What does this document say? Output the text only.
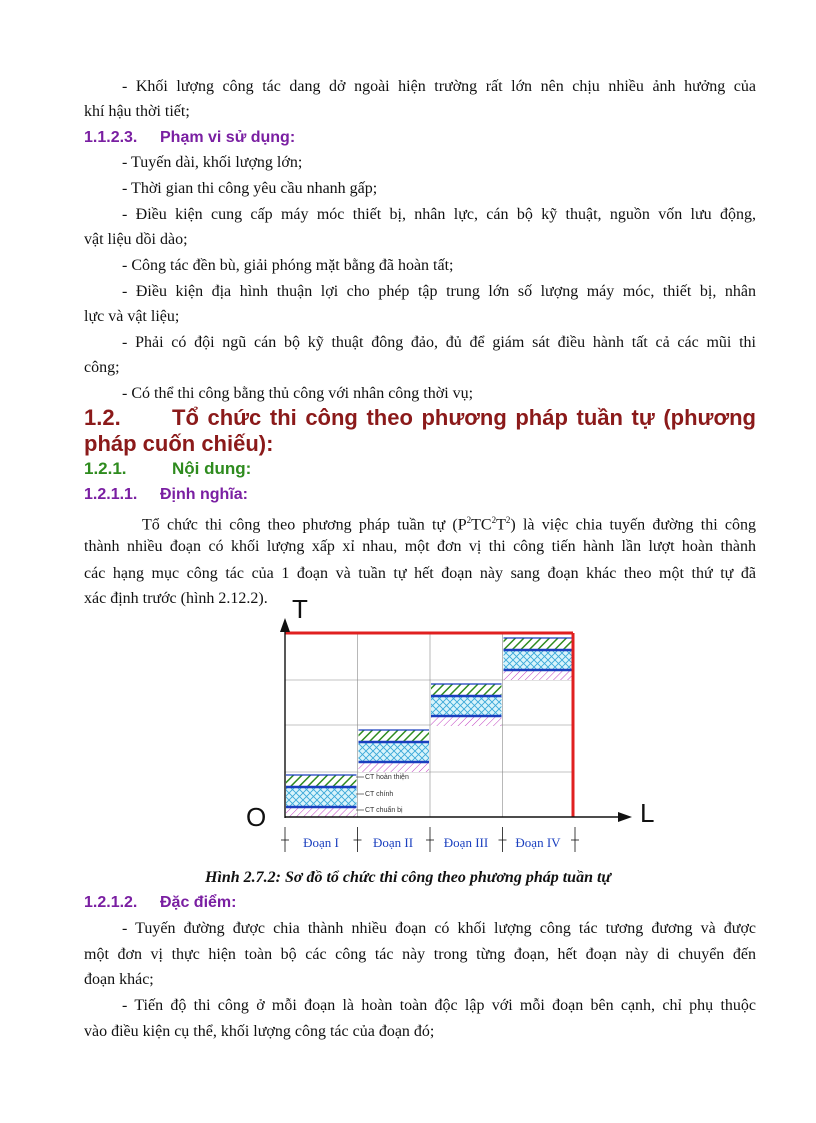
- Khối lượng công tác dang dở ngoài hiện trường rất lớn nên chịu nhiều ảnh hưởng của
khí hậu thời tiết;
1.1.2.3. Phạm vi sử dụng:
- Tuyến dài, khối lượng lớn;
- Thời gian thi công yêu cầu nhanh gấp;
- Điều kiện cung cấp máy móc thiết bị, nhân lực, cán bộ kỹ thuật, nguồn vốn lưu động,
vật liệu dồi dào;
- Công tác đền bù, giải phóng mặt bằng đã hoàn tất;
- Điều kiện địa hình thuận lợi cho phép tập trung lớn số lượng máy móc, thiết bị, nhân
lực và vật liệu;
- Phải có đội ngũ cán bộ kỹ thuật đông đảo, đủ để giám sát điều hành tất cả các mũi thi
công;
- Có thể thi công bằng thủ công với nhân công thời vụ;
1.2. Tổ chức thi công theo phương pháp tuần tự (phương
pháp cuốn chiếu):
1.2.1.	Nội dung:
1.2.1.1. Định nghĩa:
Tổ chức thi công theo phương pháp tuần tự $(P^2TC^2T^2)$ là việc chia tuyến đường thi công
thành nhiều đoạn có khối lượng xấp xỉ nhau, một đơn vị thi công tiến hành lần lượt hoàn thành
các hạng mục công tác của 1 đoạn và tuần tự hết đoạn này sang đoạn khác theo một thứ tự đã
xác định trước (hình 2.12.2). T
L
O
CT hoàn thiện
CT chính
CT chuẩn bị
Đoạn I	Đoạn II Đoạn III Đoạn IV
Hình 2.7.2: Sơ đồ tổ chức thi công theo phương pháp tuần tự
1.2.1.2. Đặc điểm:
- Tuyến đường được chia thành nhiều đoạn có khối lượng công tác tương đương và được
một đơn vị thực hiện toàn bộ các công tác này trong từng đoạn, hết đoạn này di chuyển đến
đoạn khác;
- Tiến độ thi công ở mỗi đoạn là hoàn toàn độc lập với mỗi đoạn bên cạnh, chỉ phụ thuộc
vào điều kiện cụ thể, khối lượng công tác của đoạn đó;
